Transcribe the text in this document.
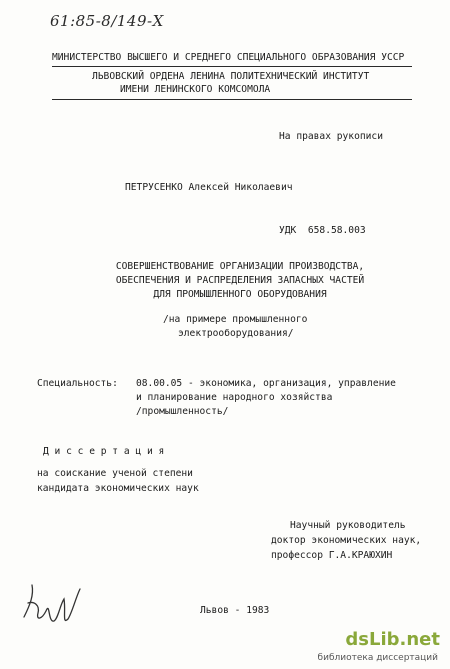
61:85-8/149-Х
МИНИСТЕРСТВО ВЫСШЕГО И СРЕДНЕГО СПЕЦИАЛЬНОГО ОБРАЗОВАНИЯ УССР
ЛЬВОВСКИЙ ОРДЕНА ЛЕНИНА ПОЛИТЕХНИЧЕСКИЙ ИНСТИТУТ
ИМЕНИ ЛЕНИНСКОГО КОМСОМОЛА
На правах рукописи
ПЕТРУСЕНКО Алексей Николаевич
УДК  658.58.003
СОВЕРШЕНСТВОВАНИЕ ОРГАНИЗАЦИИ ПРОИЗВОДСТВА,
ОБЕСПЕЧЕНИЯ И РАСПРЕДЕЛЕНИЯ ЗАПАСНЫХ ЧАСТЕЙ
ДЛЯ ПРОМЫШЛЕННОГО ОБОРУДОВАНИЯ
/на примере промышленного
электрооборудования/
Специальность: 08.00.05 - экономика, организация, управление
и планирование народного хозяйства
/промышленность/
Д и с с е р т а ц и я
на соискание ученой степени
кандидата экономических наук
Научный руководитель
доктор экономических наук,
профессор Г.А.КРАЮХИН
Львов - 1983
dsLib.net
библиотека диссертаций
